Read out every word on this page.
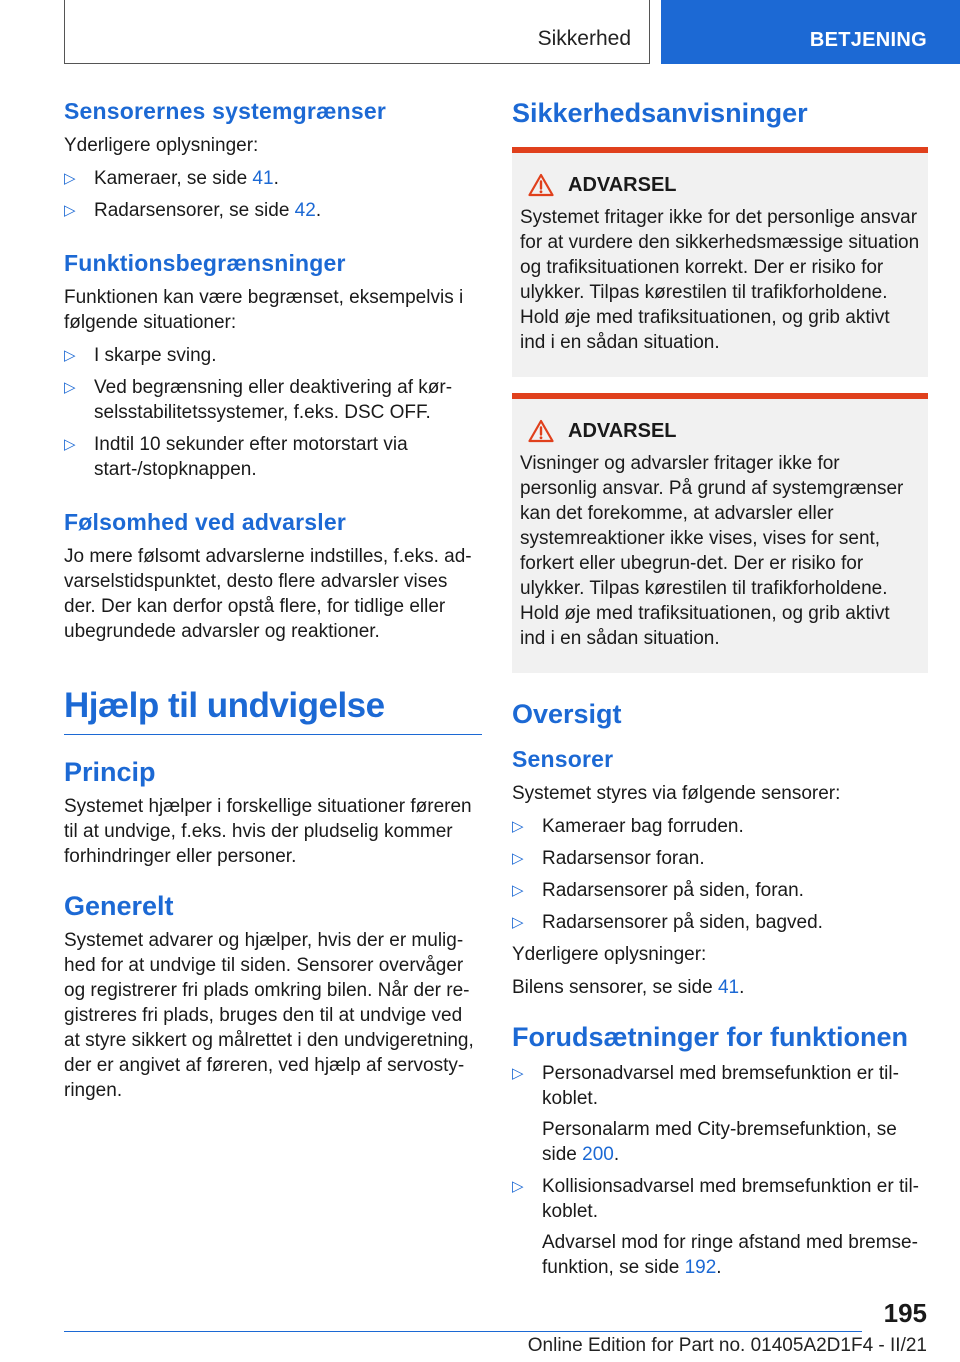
Sikkerhed	BETJENING
Sensorernes systemgrænser

Yderligere oplysninger:

▷ Kameraer, se side 41.
▷ Radarsensorer, se side 42.
Funktionsbegrænsninger

Funktionen kan være begrænset, eksempelvis i følgende situationer:

▷ I skarpe sving.
▷ Ved begrænsning eller deaktivering af kør-selsstabilitetssystemer, f.eks. DSC OFF.
▷ Indtil 10 sekunder efter motorstart via start-/stopknappen.
Følsomhed ved advarsler

Jo mere følsomt advarslerne indstilles, f.eks. ad-varselstidspunktet, desto flere advarsler vises der. Der kan derfor opstå flere, for tidlige eller ubegrundede advarsler og reaktioner.

Hjælp til undvigelse
Princip

Systemet hjælper i forskellige situationer føreren til at undvige, f.eks. hvis der pludselig kommer forhindringer eller personer.

Generelt

Systemet advarer og hjælper, hvis der er mulig-hed for at undvige til siden. Sensorer overvåger og registrerer fri plads omkring bilen. Når der re-gistreres fri plads, bruges den til at undvige ved at styre sikkert og målrettet i den undvigeretning, der er angivet af føreren, ved hjælp af servosty-ringen.

Sikkerhedsanvisninger
ADVARSEL

Systemet fritager ikke for det personlige ansvar for at vurdere den sikkerhedsmæssige situation og trafiksituationen korrekt. Der er risiko for ulykker. Tilpas kørestilen til trafikforholdene. Hold øje med trafiksituationen, og grib aktivt ind i en sådan situation.

ADVARSEL

Visninger og advarsler fritager ikke for personlig ansvar. På grund af systemgrænser kan det forekomme, at advarsler eller systemreaktioner ikke vises, vises for sent, forkert eller ubegrun-det. Der er risiko for ulykker. Tilpas kørestilen til trafikforholdene. Hold øje med trafiksituationen, og grib aktivt ind i en sådan situation.

Oversigt
Sensorer

Systemet styres via følgende sensorer:

▷ Kameraer bag forruden.
▷ Radarsensor foran.
▷ Radarsensorer på siden, foran.
▷ Radarsensorer på siden, bagved.

Yderligere oplysninger:

Bilens sensorer, se side 41.

Forudsætninger for funktionen
▷ Personadvarsel med bremsefunktion er til-koblet.
Personalarm med City-bremsefunktion, se side 200.
▷ Kollisionsadvarsel med bremsefunktion er til-koblet.
Advarsel mod for ringe afstand med bremse-funktion, se side 192.
195
Online Edition for Part no. 01405A2D1F4 - II/21
